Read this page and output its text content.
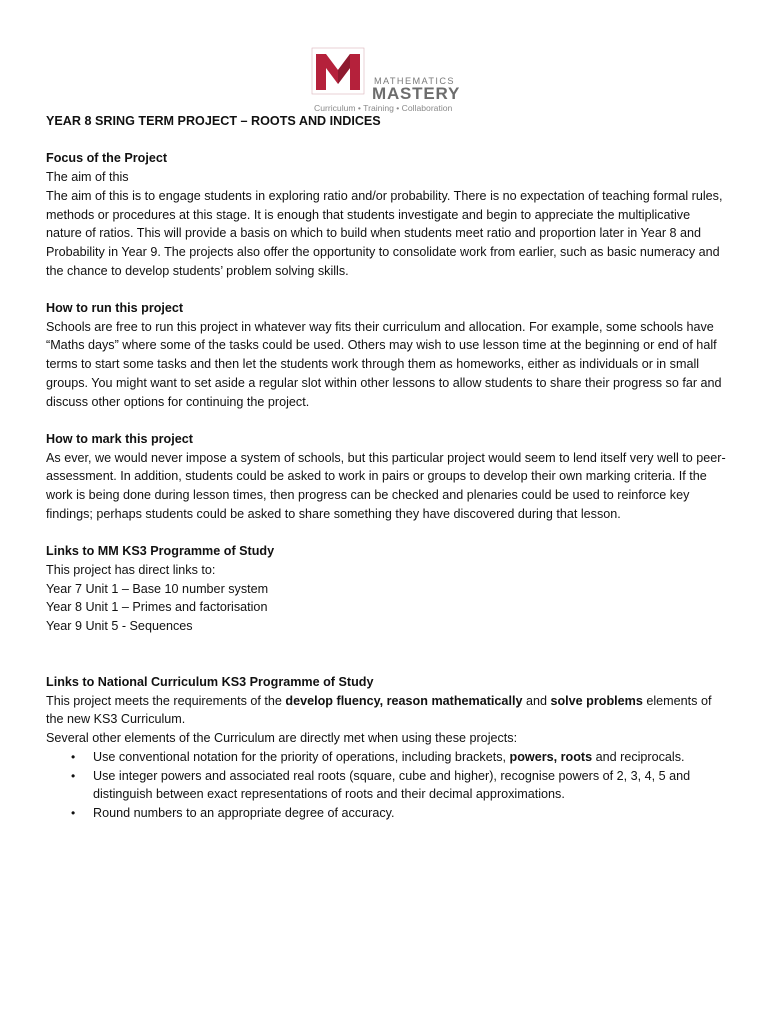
MATHEMATICS
MASTERY
Curriculum • Training • Collaboration

YEAR 8 SRING TERM PROJECT – ROOTS AND INDICES

Focus of the Project

The aim of this

The aim of this is to engage students in exploring ratio and/or probability. There is no expectation of teaching formal rules, methods or procedures at this stage. It is enough that students investigate and begin to appreciate the multiplicative nature of ratios. This will provide a basis on which to build when students meet ratio and proportion later in Year 8 and Probability in Year 9. The projects also offer the opportunity to consolidate work from earlier, such as basic numeracy and the chance to develop students’ problem solving skills.

How to run this project

Schools are free to run this project in whatever way fits their curriculum and allocation. For example, some schools have “Maths days” where some of the tasks could be used. Others may wish to use lesson time at the beginning or end of half terms to start some tasks and then let the students work through them as homeworks, either as individuals or in small groups. You might want to set aside a regular slot within other lessons to allow students to share their progress so far and discuss other options for continuing the project.

How to mark this project

As ever, we would never impose a system of schools, but this particular project would seem to lend itself very well to peer-assessment. In addition, students could be asked to work in pairs or groups to develop their own marking criteria. If the work is being done during lesson times, then progress can be checked and plenaries could be used to reinforce key findings; perhaps students could be asked to share something they have discovered during that lesson.

Links to MM KS3 Programme of Study

This project has direct links to:

Year 7 Unit 1 – Base 10 number system

Year 8 Unit 1 – Primes and factorisation

Year 9 Unit 5 - Sequences

Links to National Curriculum KS3 Programme of Study

This project meets the requirements of the develop fluency, reason mathematically and solve problems elements of the new KS3 Curriculum.

Several other elements of the Curriculum are directly met when using these projects:

• Use conventional notation for the priority of operations, including brackets, powers, roots and reciprocals.
• Use integer powers and associated real roots (square, cube and higher), recognise powers of 2, 3, 4, 5 and distinguish between exact representations of roots and their decimal approximations.
• Round numbers to an appropriate degree of accuracy.
